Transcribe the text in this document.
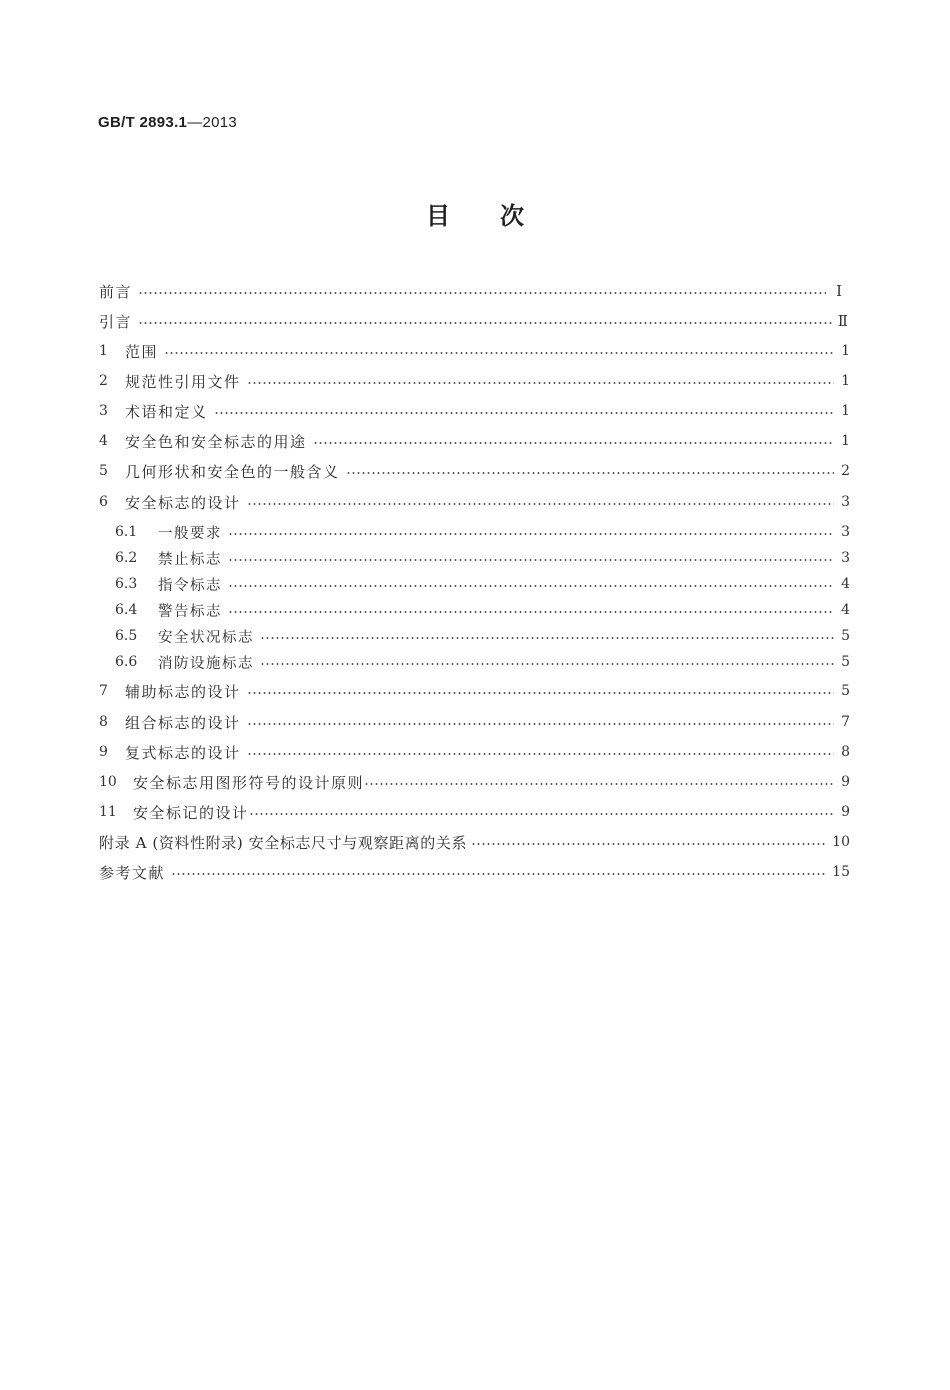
GB/T 2893.1—2013
目次
前言	Ⅰ
引言	Ⅱ
1	范围	1
2	规范性引用文件	1
3	术语和定义	1
4	安全色和安全标志的用途	1
5	几何形状和安全色的一般含义	2
6	安全标志的设计	3
6.1	一般要求	3
6.2	禁止标志	3
6.3	指令标志	4
6.4	警告标志	4
6.5	安全状况标志	5
6.6	消防设施标志	5
7	辅助标志的设计	5
8	组合标志的设计	7
9	复式标志的设计	8
10	安全标志用图形符号的设计原则	9
11	安全标记的设计	9
附录 A (资料性附录) 安全标志尺寸与观察距离的关系	10
参考文献	15
